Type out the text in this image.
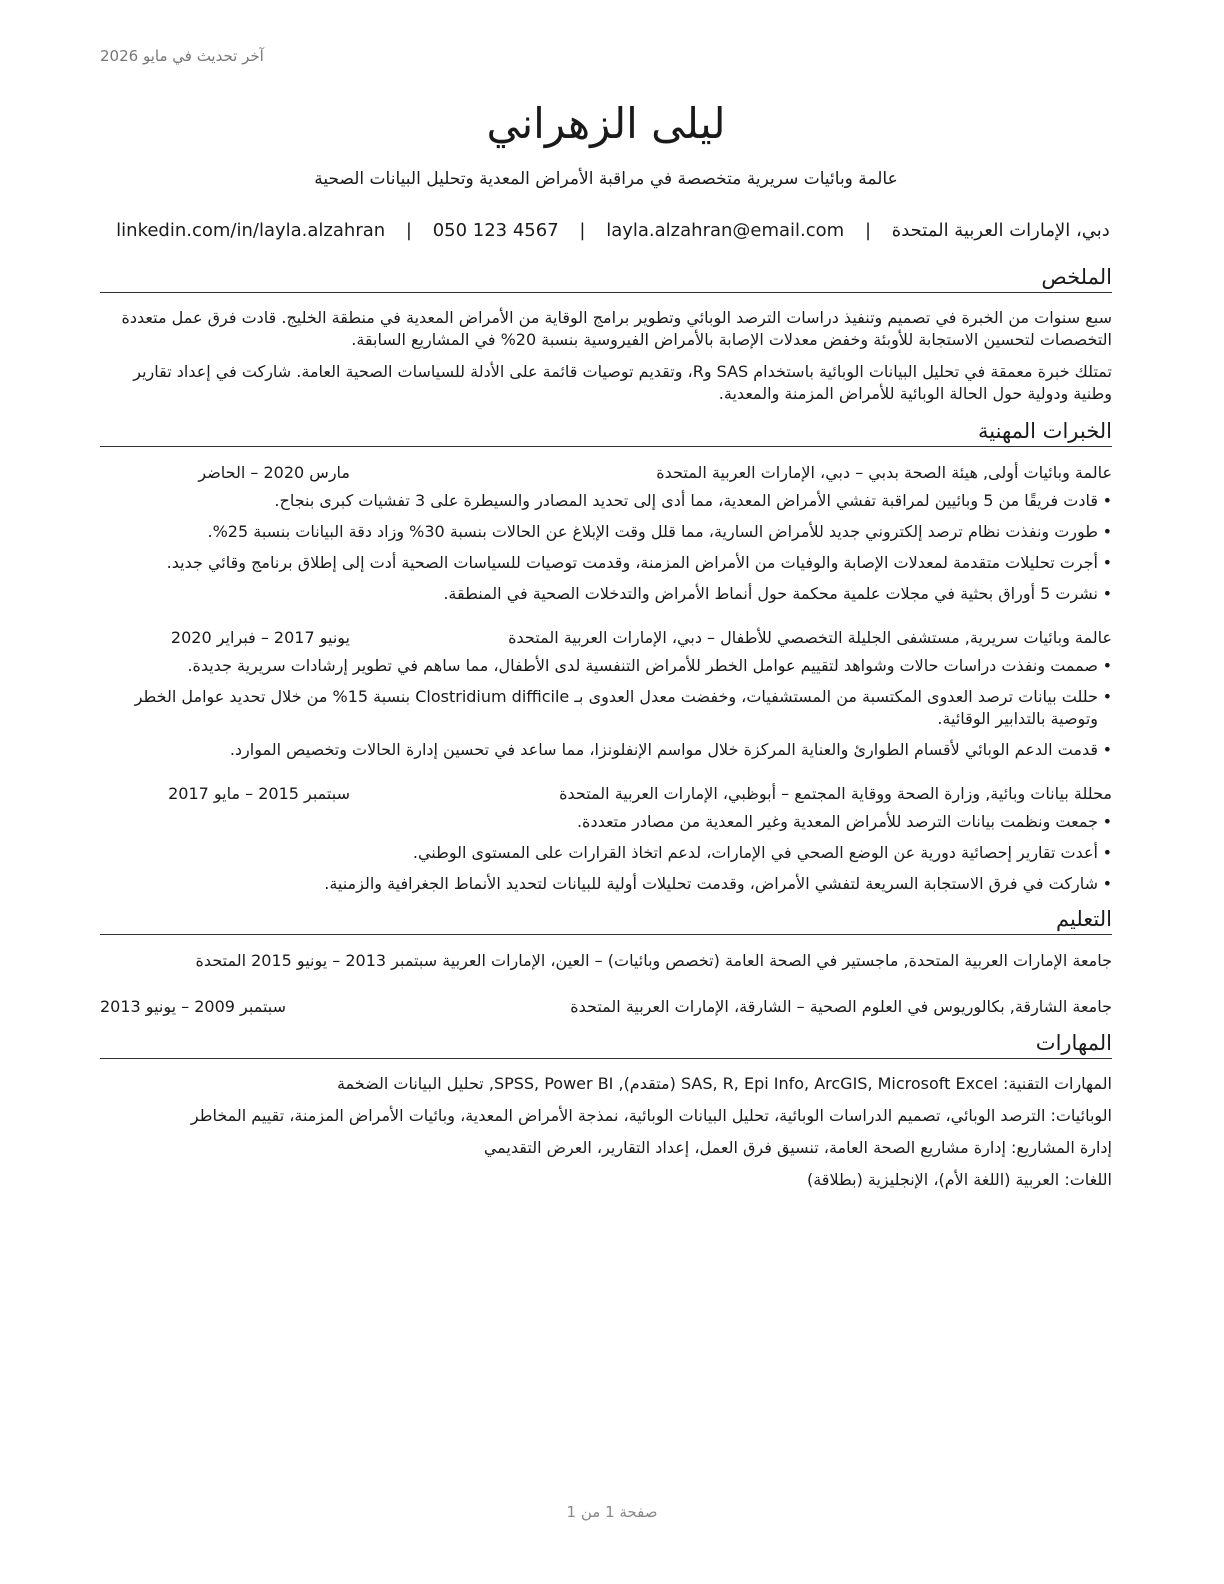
آخر تحديث في مايو 2026
ليلى الزهراني
عالمة وبائيات سريرية متخصصة في مراقبة الأمراض المعدية وتحليل البيانات الصحية
دبي، الإمارات العربية المتحدة | layla.alzahran@email.com | 050 123 4567 | linkedin.com/in/layla.alzahran
الملخص

سبع سنوات من الخبرة في تصميم وتنفيذ دراسات الترصد الوبائي وتطوير برامج الوقاية من الأمراض المعدية في منطقة الخليج. قادت فرق عمل متعددة التخصصات لتحسين الاستجابة للأوبئة وخفض معدلات الإصابة بالأمراض الفيروسية بنسبة 20% في المشاريع السابقة.

تمتلك خبرة معمقة في تحليل البيانات الوبائية باستخدام SAS وR، وتقديم توصيات قائمة على الأدلة للسياسات الصحية العامة. شاركت في إعداد تقارير وطنية ودولية حول الحالة الوبائية للأمراض المزمنة والمعدية.

الخبرات المهنية
عالمة وبائيات أولى, هيئة الصحة بدبي – دبي، الإمارات العربية المتحدة
مارس 2020 – الحاضر
• قادت فريقًا من 5 وبائيين لمراقبة تفشي الأمراض المعدية، مما أدى إلى تحديد المصادر والسيطرة على 3 تفشيات كبرى بنجاح.
• طورت ونفذت نظام ترصد إلكتروني جديد للأمراض السارية، مما قلل وقت الإبلاغ عن الحالات بنسبة 30% وزاد دقة البيانات بنسبة 25%.
• أجرت تحليلات متقدمة لمعدلات الإصابة والوفيات من الأمراض المزمنة، وقدمت توصيات للسياسات الصحية أدت إلى إطلاق برنامج وقائي جديد.
• نشرت 5 أوراق بحثية في مجلات علمية محكمة حول أنماط الأمراض والتدخلات الصحية في المنطقة.
عالمة وبائيات سريرية, مستشفى الجليلة التخصصي للأطفال – دبي، الإمارات العربية المتحدة
يونيو 2017 – فبراير 2020
• صممت ونفذت دراسات حالات وشواهد لتقييم عوامل الخطر للأمراض التنفسية لدى الأطفال، مما ساهم في تطوير إرشادات سريرية جديدة.
• حللت بيانات ترصد العدوى المكتسبة من المستشفيات، وخفضت معدل العدوى بـ Clostridium difficile بنسبة 15% من خلال تحديد عوامل الخطر وتوصية بالتدابير الوقائية.
• قدمت الدعم الوبائي لأقسام الطوارئ والعناية المركزة خلال مواسم الإنفلونزا، مما ساعد في تحسين إدارة الحالات وتخصيص الموارد.
محللة بيانات وبائية, وزارة الصحة ووقاية المجتمع – أبوظبي، الإمارات العربية المتحدة
سبتمبر 2015 – مايو 2017
• جمعت ونظمت بيانات الترصد للأمراض المعدية وغير المعدية من مصادر متعددة.
• أعدت تقارير إحصائية دورية عن الوضع الصحي في الإمارات، لدعم اتخاذ القرارات على المستوى الوطني.
• شاركت في فرق الاستجابة السريعة لتفشي الأمراض، وقدمت تحليلات أولية للبيانات لتحديد الأنماط الجغرافية والزمنية.
التعليم
جامعة الإمارات العربية المتحدة, ماجستير في الصحة العامة (تخصص وبائيات) – العين، الإمارات العربية سبتمبر 2013 – يونيو 2015 المتحدة
جامعة الشارقة, بكالوريوس في العلوم الصحية – الشارقة، الإمارات العربية المتحدة
سبتمبر 2009 – يونيو 2013
المهارات

المهارات التقنية: SAS, R, Epi Info, ArcGIS, Microsoft Excel (متقدم), SPSS, Power BI, تحليل البيانات الضخمة

الوبائيات: الترصد الوبائي، تصميم الدراسات الوبائية، تحليل البيانات الوبائية، نمذجة الأمراض المعدية، وبائيات الأمراض المزمنة، تقييم المخاطر

إدارة المشاريع: إدارة مشاريع الصحة العامة، تنسيق فرق العمل، إعداد التقارير، العرض التقديمي

اللغات: العربية (اللغة الأم)، الإنجليزية (بطلاقة)

صفحة 1 من 1
